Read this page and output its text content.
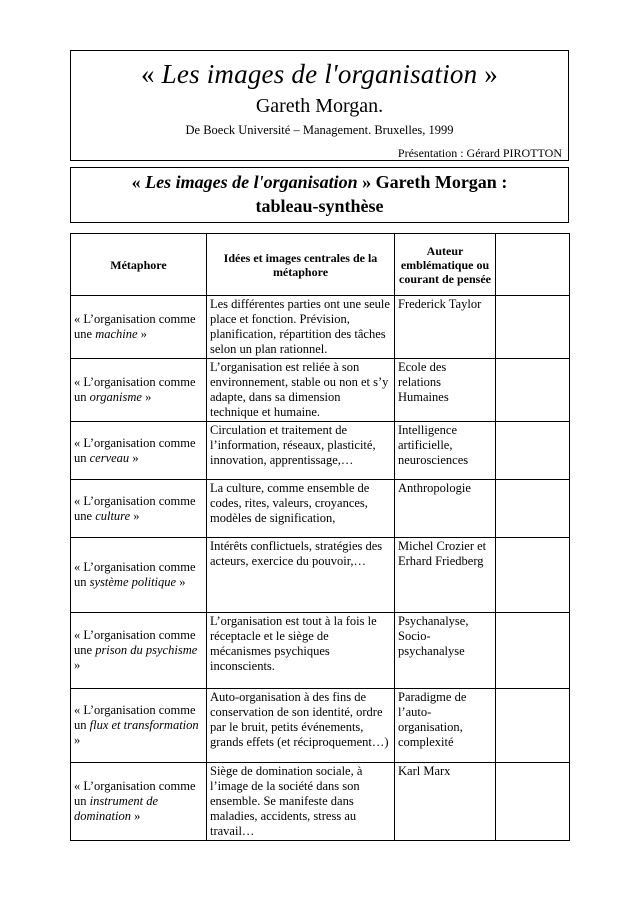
« Les images de l'organisation »
Gareth Morgan.
De Boeck Université – Management. Bruxelles, 1999
Présentation : Gérard PIROTTON
« Les images de l'organisation » Gareth Morgan :
tableau-synthèse
Métaphore	Idées et images centrales de la métaphore	Auteur emblématique ou courant de pensée	
« L’organisation comme une machine »	Les différentes parties ont une seule place et fonction. Prévision, planification, répartition des tâches selon un plan rationnel.	Frederick Taylor	
« L’organisation comme un organisme »	L’organisation est reliée à son environnement, stable ou non et s’y adapte, dans sa dimension technique et humaine.	Ecole des relations Humaines	
« L’organisation comme un cerveau »	Circulation et traitement de l’information, réseaux, plasticité, innovation, apprentissage,…	Intelligence artificielle, neurosciences	
« L’organisation comme une culture »	La culture, comme ensemble de codes, rites, valeurs, croyances, modèles de signification,	Anthropologie	
« L’organisation comme un système politique »	Intérêts conflictuels, stratégies des acteurs, exercice du pouvoir,…	Michel Crozier et Erhard Friedberg	
« L’organisation comme une prison du psychisme »	L’organisation est tout à la fois le réceptacle et le siège de mécanismes psychiques inconscients.	Psychanalyse, Socio-psychanalyse	
« L’organisation comme un flux et transformation »	Auto-organisation à des fins de conservation de son identité, ordre par le bruit, petits événements, grands effets (et réciproquement…)	Paradigme de l’auto-organisation, complexité	
« L’organisation comme un instrument de domination »	Siège de domination sociale, à l’image de la société dans son ensemble. Se manifeste dans maladies, accidents, stress au travail…	Karl Marx	
